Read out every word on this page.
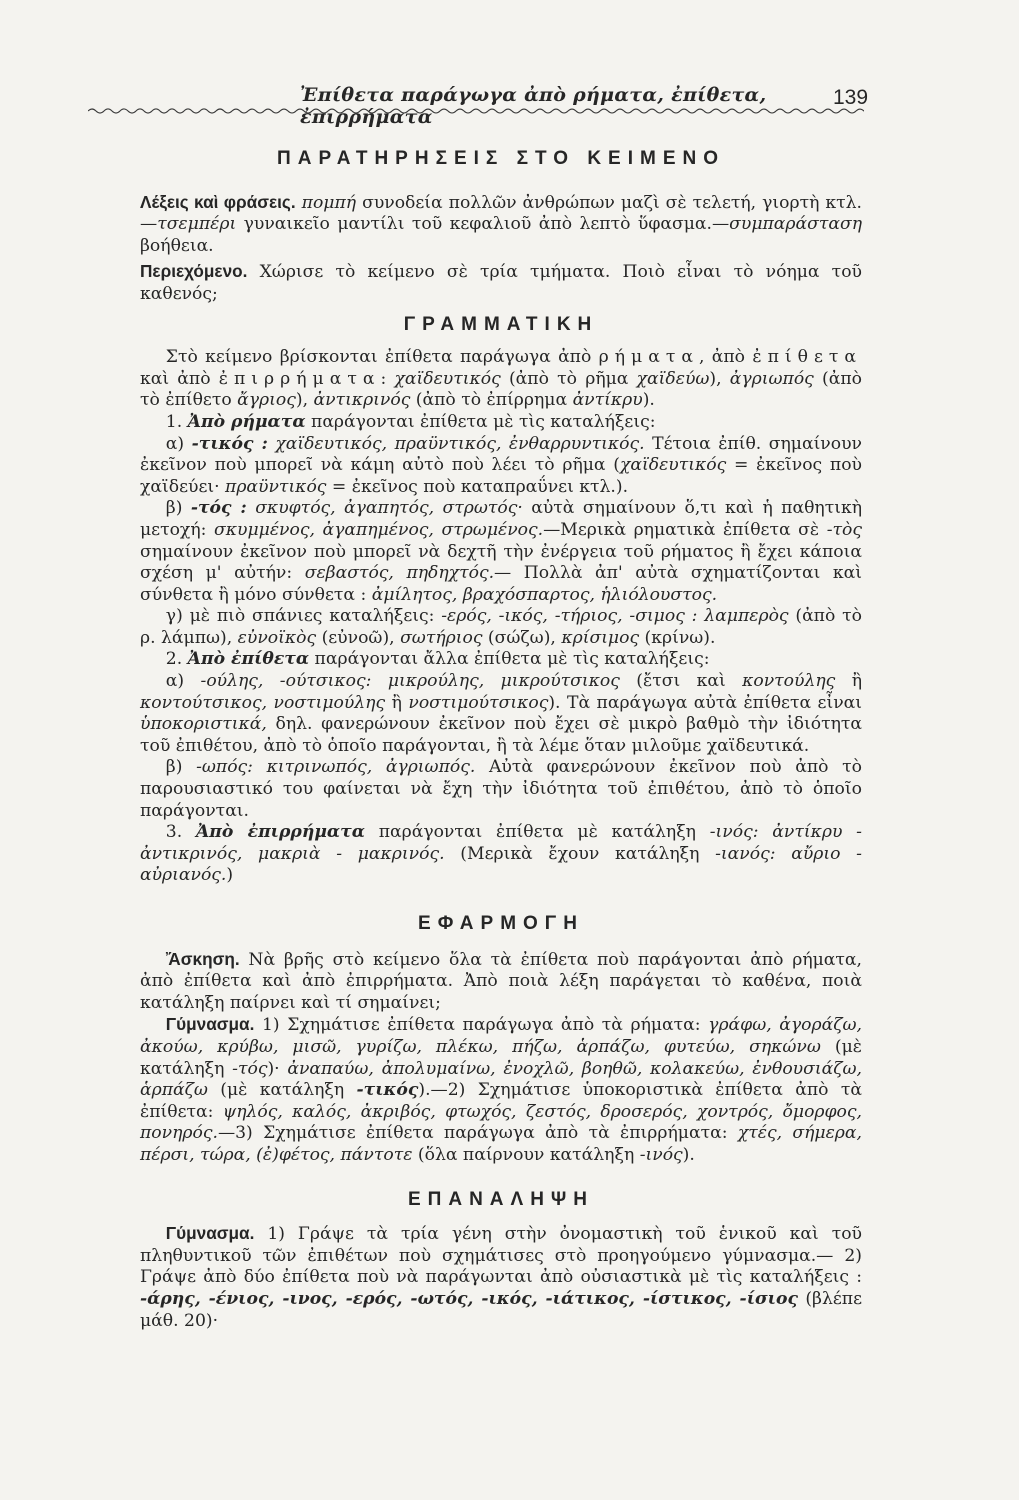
Ἐπίθετα παράγωγα ἀπὸ ρήματα, ἐπίθετα, ἐπιρρήματα
139
ΠΑΡΑΤΗΡΗΣΕΙΣ ΣΤΟ ΚΕΙΜΕΝΟ

Λέξεις καὶ φράσεις. πομπή συνοδεία πολλῶν ἀνθρώπων μαζὶ σὲ τελετή, γιορτὴ κτλ.—τσεμπέρι γυναικεῖο μαντίλι τοῦ κεφαλιοῦ ἀπὸ λεπτὸ ὕφασμα.—συμπαράσταση βοήθεια.

Περιεχόμενο. Χώρισε τὸ κείμενο σὲ τρία τμήματα. Ποιὸ εἶναι τὸ νόημα τοῦ καθενός;

ΓΡΑΜΜΑΤΙΚΗ

Στὸ κείμενο βρίσκονται ἐπίθετα παράγωγα ἀπὸ ρήματα, ἀπὸ ἐπίθετα καὶ ἀπὸ ἐπιρρήματα: χαϊδευτικός (ἀπὸ τὸ ρῆμα χαϊδεύω), ἀγριωπός (ἀπὸ τὸ ἐπίθετο ἄγριος), ἀντικρινός (ἀπὸ τὸ ἐπίρρημα ἀντίκρυ).

1. Ἀπὸ ρήματα παράγονται ἐπίθετα μὲ τὶς καταλήξεις:

α) -τικός : χαϊδευτικός, πραϋντικός, ἐνθαρρυντικός. Τέτοια ἐπίθ. σημαίνουν ἐκεῖνον ποὺ μπορεῖ νὰ κάμη αὐτὸ ποὺ λέει τὸ ρῆμα (χαϊδευτικός = ἐκεῖνος ποὺ χαϊδεύει· πραϋντικός = ἐκεῖνος ποὺ καταπραΰνει κτλ.).

β) -τός : σκυφτός, ἀγαπητός, στρωτός· αὐτὰ σημαίνουν ὅ,τι καὶ ἡ παθητικὴ μετοχή: σκυμμένος, ἀγαπημένος, στρωμένος.—Μερικὰ ρηματικὰ ἐπίθετα σὲ -τὸς σημαίνουν ἐκεῖνον ποὺ μπορεῖ νὰ δεχτῆ τὴν ἐνέργεια τοῦ ρήματος ἢ ἔχει κάποια σχέση μ' αὐτήν: σεβαστός, πηδηχτός.— Πολλὰ ἀπ' αὐτὰ σχηματίζονται καὶ σύνθετα ἢ μόνο σύνθετα : ἀμίλητος, βραχόσπαρτος, ἡλιόλουστος.

γ) μὲ πιὸ σπάνιες καταλήξεις: -ερός, -ικός, -τήριος, -σιμος : λαμπερὸς (ἀπὸ τὸ ρ. λάμπω), εὐνοϊκὸς (εὐνοῶ), σωτήριος (σώζω), κρίσιμος (κρίνω).

2. Ἀπὸ ἐπίθετα παράγονται ἄλλα ἐπίθετα μὲ τὶς καταλήξεις:

α) -ούλης, -ούτσικος: μικρούλης, μικρούτσικος (ἔτσι καὶ κοντούλης ἢ κοντούτσικος, νοστιμούλης ἢ νοστιμούτσικος). Τὰ παράγωγα αὐτὰ ἐπίθετα εἶναι ὑποκοριστικά, δηλ. φανερώνουν ἐκεῖνον ποὺ ἔχει σὲ μικρὸ βαθμὸ τὴν ἰδιότητα τοῦ ἐπιθέτου, ἀπὸ τὸ ὁποῖο παράγονται, ἢ τὰ λέμε ὅταν μιλοῦμε χαϊδευτικά.

β) -ωπός: κιτρινωπός, ἀγριωπός. Αὐτὰ φανερώνουν ἐκεῖνον ποὺ ἀπὸ τὸ παρουσιαστικό του φαίνεται νὰ ἔχη τὴν ἰδιότητα τοῦ ἐπιθέτου, ἀπὸ τὸ ὁποῖο παράγονται.

3. Ἀπὸ ἐπιρρήματα παράγονται ἐπίθετα μὲ κατάληξη -ινός: ἀντίκρυ - ἀντικρινός, μακριὰ - μακρινός. (Μερικὰ ἔχουν κατάληξη -ιανός: αὔριο - αὐριανός.)

ΕΦΑΡΜΟΓΗ

Ἄσκηση. Νὰ βρῆς στὸ κείμενο ὅλα τὰ ἐπίθετα ποὺ παράγονται ἀπὸ ρήματα, ἀπὸ ἐπίθετα καὶ ἀπὸ ἐπιρρήματα. Ἀπὸ ποιὰ λέξη παράγεται τὸ καθένα, ποιὰ κατάληξη παίρνει καὶ τί σημαίνει;

Γύμνασμα. 1) Σχημάτισε ἐπίθετα παράγωγα ἀπὸ τὰ ρήματα: γράφω, ἀγοράζω, ἀκούω, κρύβω, μισῶ, γυρίζω, πλέκω, πήζω, ἁρπάζω, φυτεύω, σηκώνω (μὲ κατάληξη -τός)· ἀναπαύω, ἀπολυμαίνω, ἐνοχλῶ, βοηθῶ, κολακεύω, ἐνθουσιάζω, ἁρπάζω (μὲ κατάληξη -τικός).—2) Σχημάτισε ὑποκοριστικὰ ἐπίθετα ἀπὸ τὰ ἐπίθετα: ψηλός, καλός, ἀκριβός, φτωχός, ζεστός, δροσερός, χοντρός, ὄμορφος, πονηρός.—3) Σχημάτισε ἐπίθετα παράγωγα ἀπὸ τὰ ἐπιρρήματα: χτές, σήμερα, πέρσι, τώρα, (ἐ)φέτος, πάντοτε (ὅλα παίρνουν κατάληξη -ινός).

ΕΠΑΝΑΛΗΨΗ

Γύμνασμα. 1) Γράψε τὰ τρία γένη στὴν ὀνομαστικὴ τοῦ ἑνικοῦ καὶ τοῦ πληθυντικοῦ τῶν ἐπιθέτων ποὺ σχημάτισες στὸ προηγούμενο γύμνασμα.— 2) Γράψε ἀπὸ δύο ἐπίθετα ποὺ νὰ παράγωνται ἀπὸ οὐσιαστικὰ μὲ τὶς καταλήξεις : -άρης, -ένιος, -ινος, -ερός, -ωτός, -ικός, -ιάτικος, -ίστικος, -ίσιος (βλέπε μάθ. 20)·
